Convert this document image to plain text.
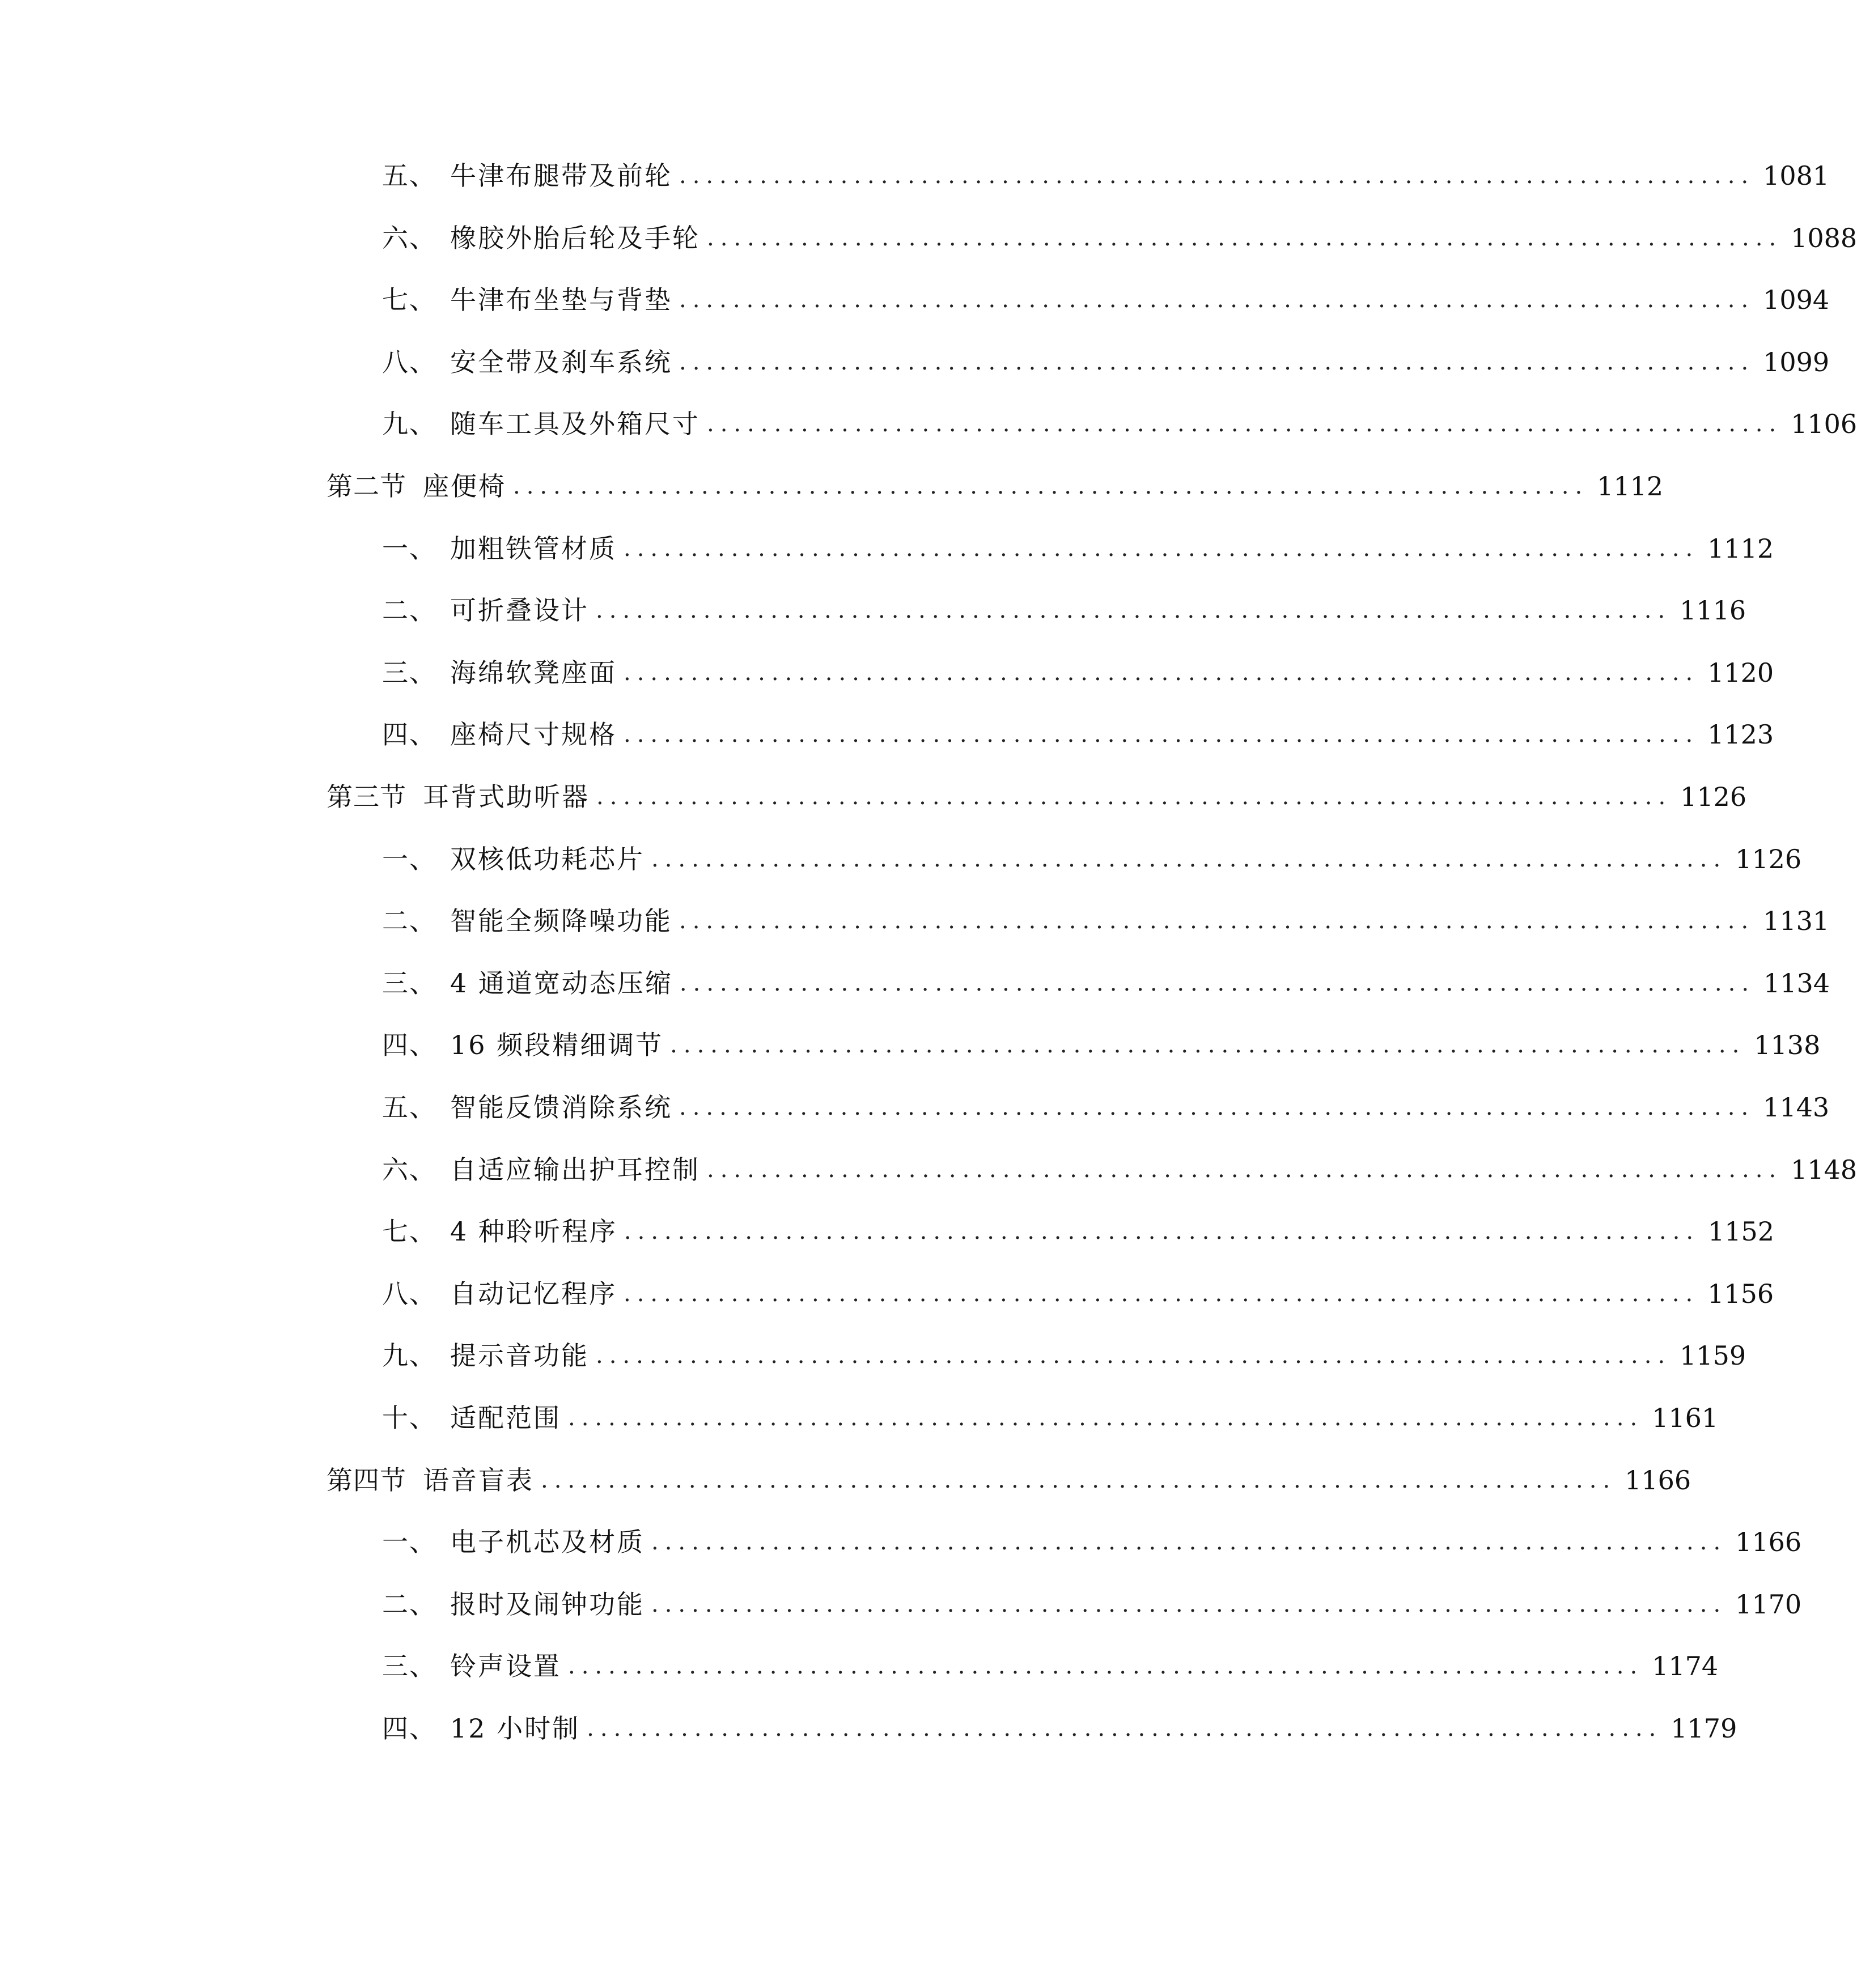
五、 牛津布腿带及前轮 ................................................................................ 1081
六、 橡胶外胎后轮及手轮 ................................................................................ 1088
七、 牛津布坐垫与背垫 ................................................................................ 1094
八、 安全带及刹车系统 ................................................................................ 1099
九、 随车工具及外箱尺寸 ................................................................................ 1106
第二节 座便椅 ................................................................................ 1112
一、 加粗铁管材质 ................................................................................ 1112
二、 可折叠设计 ................................................................................ 1116
三、 海绵软凳座面 ................................................................................ 1120
四、 座椅尺寸规格 ................................................................................ 1123
第三节 耳背式助听器 ................................................................................ 1126
一、 双核低功耗芯片 ................................................................................ 1126
二、 智能全频降噪功能 ................................................................................ 1131
三、 4 通道宽动态压缩 ................................................................................ 1134
四、 16 频段精细调节 ................................................................................ 1138
五、 智能反馈消除系统 ................................................................................ 1143
六、 自适应输出护耳控制 ................................................................................ 1148
七、 4 种聆听程序 ................................................................................ 1152
八、 自动记忆程序 ................................................................................ 1156
九、 提示音功能 ................................................................................ 1159
十、 适配范围 ................................................................................ 1161
第四节 语音盲表 ................................................................................ 1166
一、 电子机芯及材质 ................................................................................ 1166
二、 报时及闹钟功能 ................................................................................ 1170
三、 铃声设置 ................................................................................ 1174
四、 12 小时制 ................................................................................ 1179
